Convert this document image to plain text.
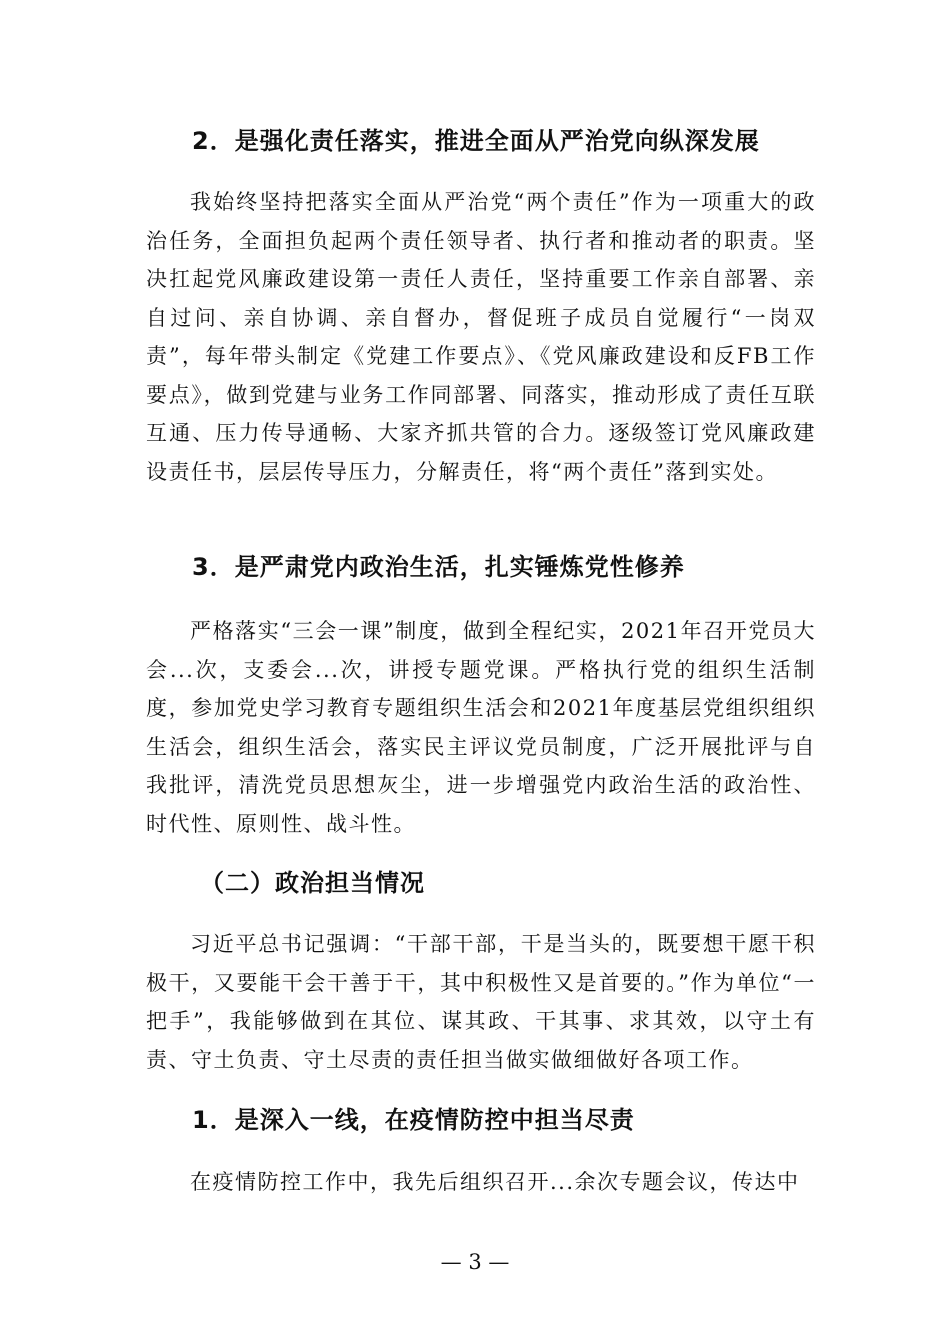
2．是强化责任落实，推进全面从严治党向纵深发展

我始终坚持把落实全面从严治党“两个责任”作为一项重大的政治任务，全面担负起两个责任领导者、执行者和推动者的职责。坚决扛起党风廉政建设第一责任人责任，坚持重要工作亲自部署、亲自过问、亲自协调、亲自督办，督促班子成员自觉履行“一岗双责”，每年带头制定《党建工作要点》、《党风廉政建设和反FB工作要点》，做到党建与业务工作同部署、同落实，推动形成了责任互联互通、压力传导通畅、大家齐抓共管的合力。逐级签订党风廉政建设责任书，层层传导压力，分解责任，将“两个责任”落到实处。

3．是严肃党内政治生活，扎实锤炼党性修养

严格落实“三会一课”制度，做到全程纪实，2021年召开党员大会...次，支委会...次，讲授专题党课。严格执行党的组织生活制度，参加党史学习教育专题组织生活会和2021年度基层党组织组织生活会，组织生活会，落实民主评议党员制度，广泛开展批评与自我批评，清洗党员思想灰尘，进一步增强党内政治生活的政治性、时代性、原则性、战斗性。

（二）政治担当情况

习近平总书记强调：“干部干部，干是当头的，既要想干愿干积极干，又要能干会干善于干，其中积极性又是首要的。”作为单位“一把手”，我能够做到在其位、谋其政、干其事、求其效，以守土有责、守土负责、守土尽责的责任担当做实做细做好各项工作。

1．是深入一线，在疫情防控中担当尽责

在疫情防控工作中，我先后组织召开...余次专题会议，传达中

— 3 —
